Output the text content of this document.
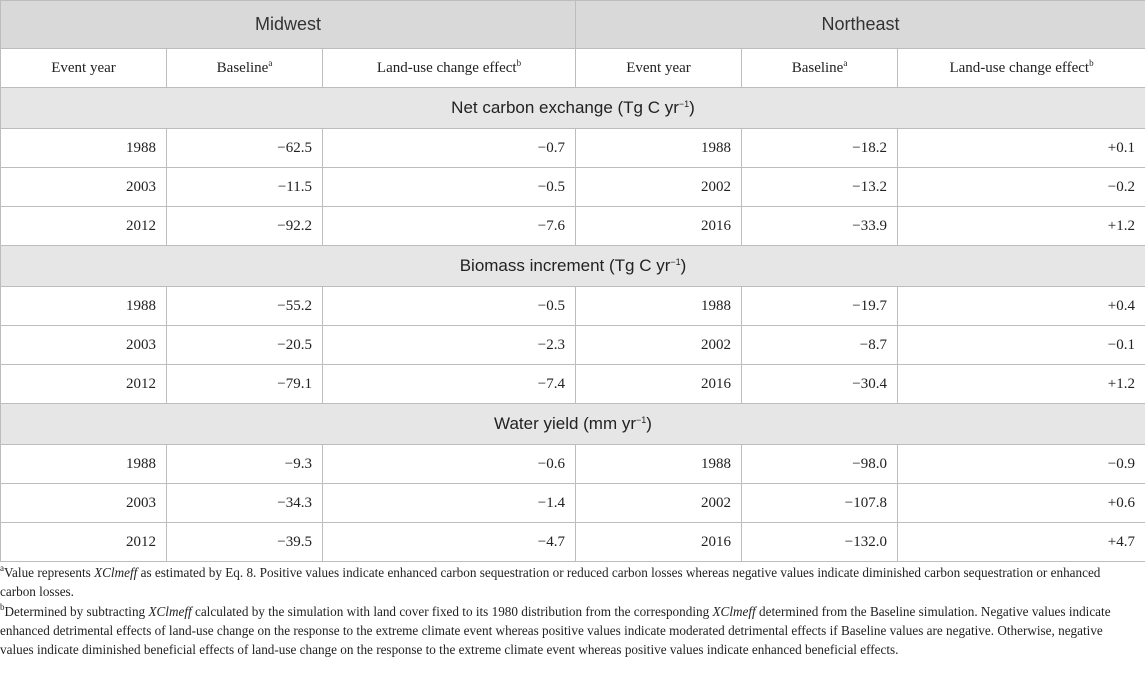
Midwest			Northeast		
Event year	Baseline$^a$	Land-use change effect$^b$	Event year	Baseline$^a$	Land-use change effect$^b$
Net carbon exchange (Tg C $yr^{-1}$)					
1988	−62.5	−0.7	1988	−18.2	+0.1
2003	−11.5	−0.5	2002	−13.2	−0.2
2012	−92.2	−7.6	2016	−33.9	+1.2
Biomass increment (Tg C $yr^{-1}$)					
1988	−55.2	−0.5	1988	−19.7	+0.4
2003	−20.5	−2.3	2002	−8.7	−0.1
2012	−79.1	−7.4	2016	−30.4	+1.2
Water yield (mm $yr^{-1}$)					
1988	−9.3	−0.6	1988	−98.0	−0.9
2003	−34.3	−1.4	2002	−107.8	+0.6
2012	−39.5	−4.7	2016	−132.0	+4.7

$^a$Value represents XClmeff as estimated by Eq. 8. Positive values indicate enhanced carbon sequestration or reduced carbon losses whereas negative values indicate diminished carbon sequestration or enhanced carbon losses.

$^b$Determined by subtracting XClmeff calculated by the simulation with land cover fixed to its 1980 distribution from the corresponding XClmeff determined from the Baseline simulation. Negative values indicate enhanced detrimental effects of land-use change on the response to the extreme climate event whereas positive values indicate moderated detrimental effects if Baseline values are negative. Otherwise, negative values indicate diminished beneficial effects of land-use change on the response to the extreme climate event whereas positive values indicate enhanced beneficial effects.
